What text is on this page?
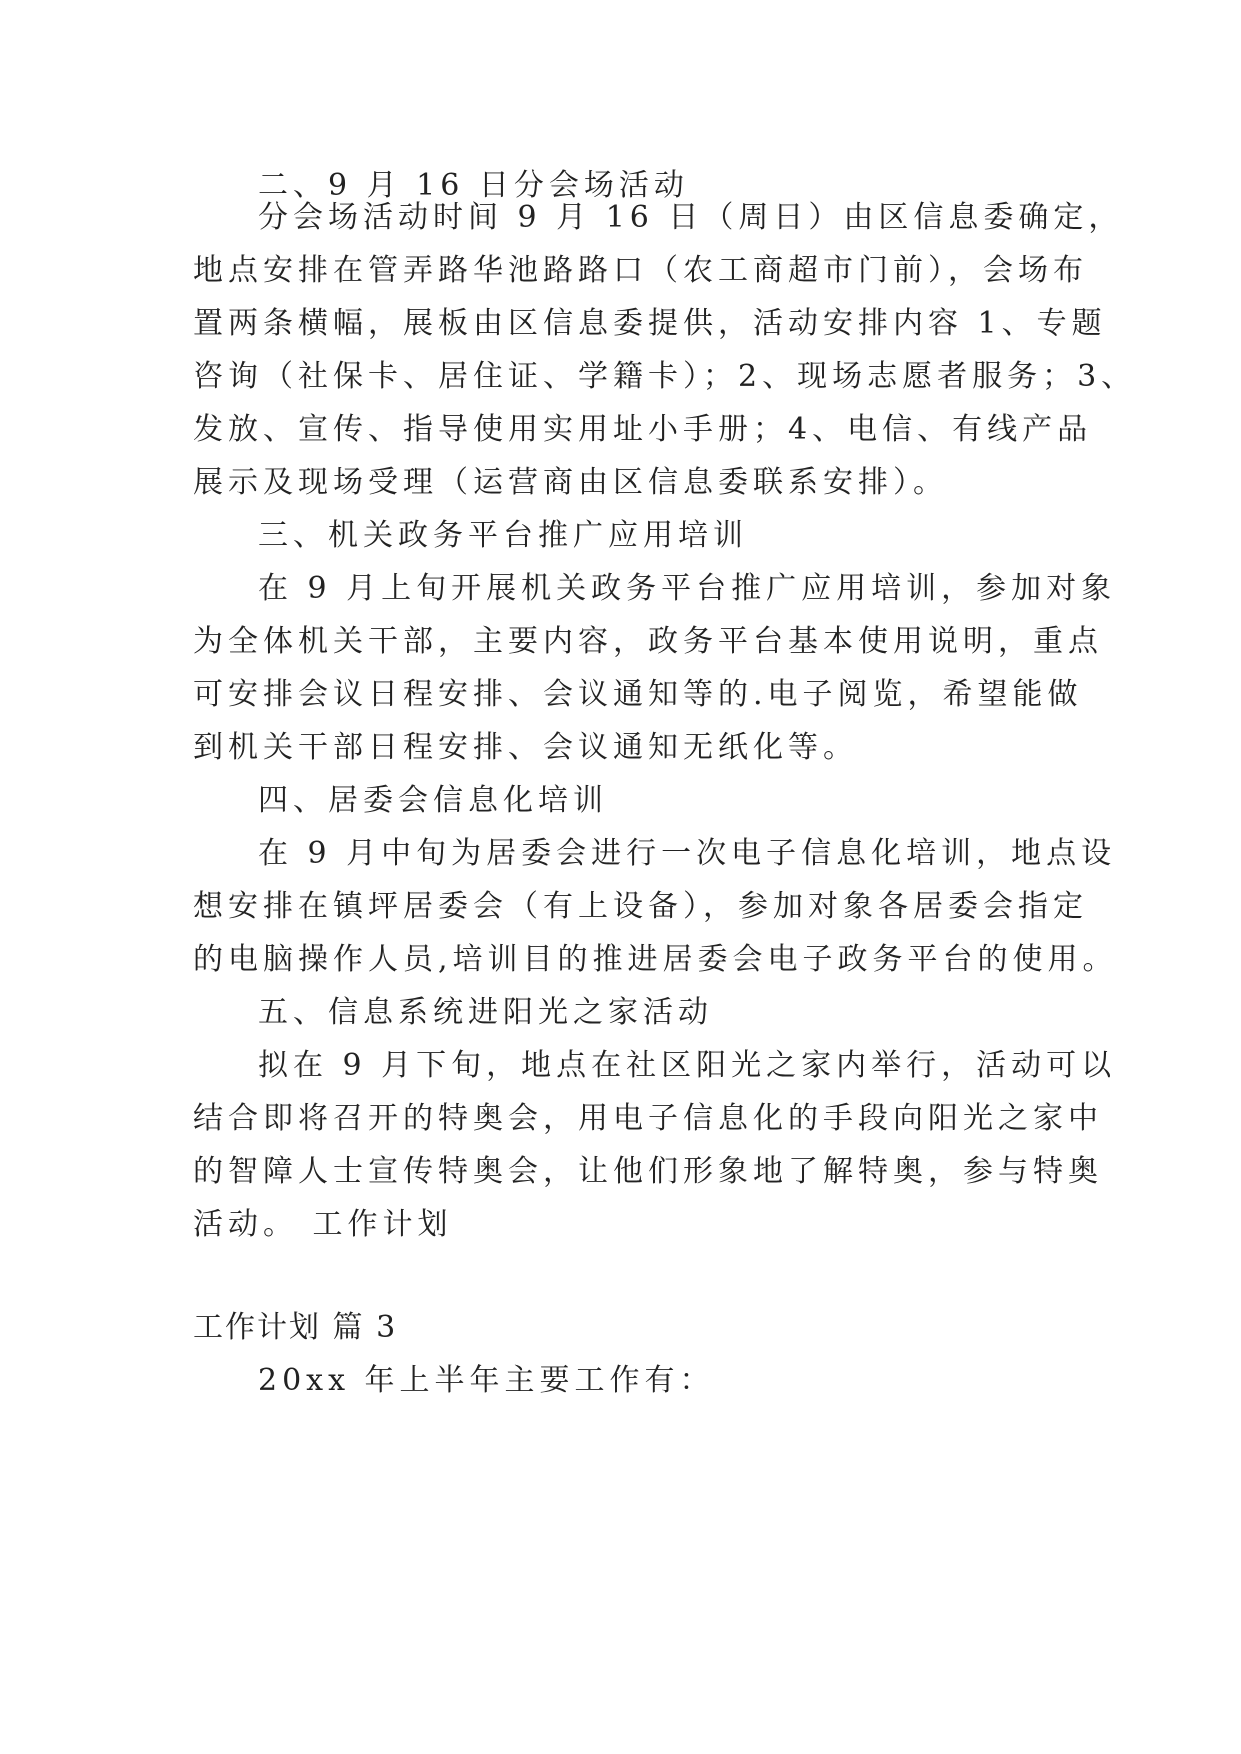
二、9 月 16 日分会场活动
分会场活动时间 9 月 16 日（周日）由区信息委确定，
地点安排在管弄路华池路路口（农工商超市门前），会场布
置两条横幅，展板由区信息委提供，活动安排内容 1、专题
咨询（社保卡、居住证、学籍卡）；2、现场志愿者服务；3、
发放、宣传、指导使用实用址小手册；4、电信、有线产品
展示及现场受理（运营商由区信息委联系安排）。
三、机关政务平台推广应用培训
在 9 月上旬开展机关政务平台推广应用培训，参加对象
为全体机关干部，主要内容，政务平台基本使用说明，重点
可安排会议日程安排、会议通知等的.电子阅览，希望能做
到机关干部日程安排、会议通知无纸化等。
四、居委会信息化培训
在 9 月中旬为居委会进行一次电子信息化培训，地点设
想安排在镇坪居委会（有上设备），参加对象各居委会指定
的电脑操作人员,培训目的推进居委会电子政务平台的使用。
五、信息系统进阳光之家活动
拟在 9 月下旬，地点在社区阳光之家内举行，活动可以
结合即将召开的特奥会，用电子信息化的手段向阳光之家中
的智障人士宣传特奥会，让他们形象地了解特奥，参与特奥
活动。 工作计划
工作计划 篇 3
20xx 年上半年主要工作有：
